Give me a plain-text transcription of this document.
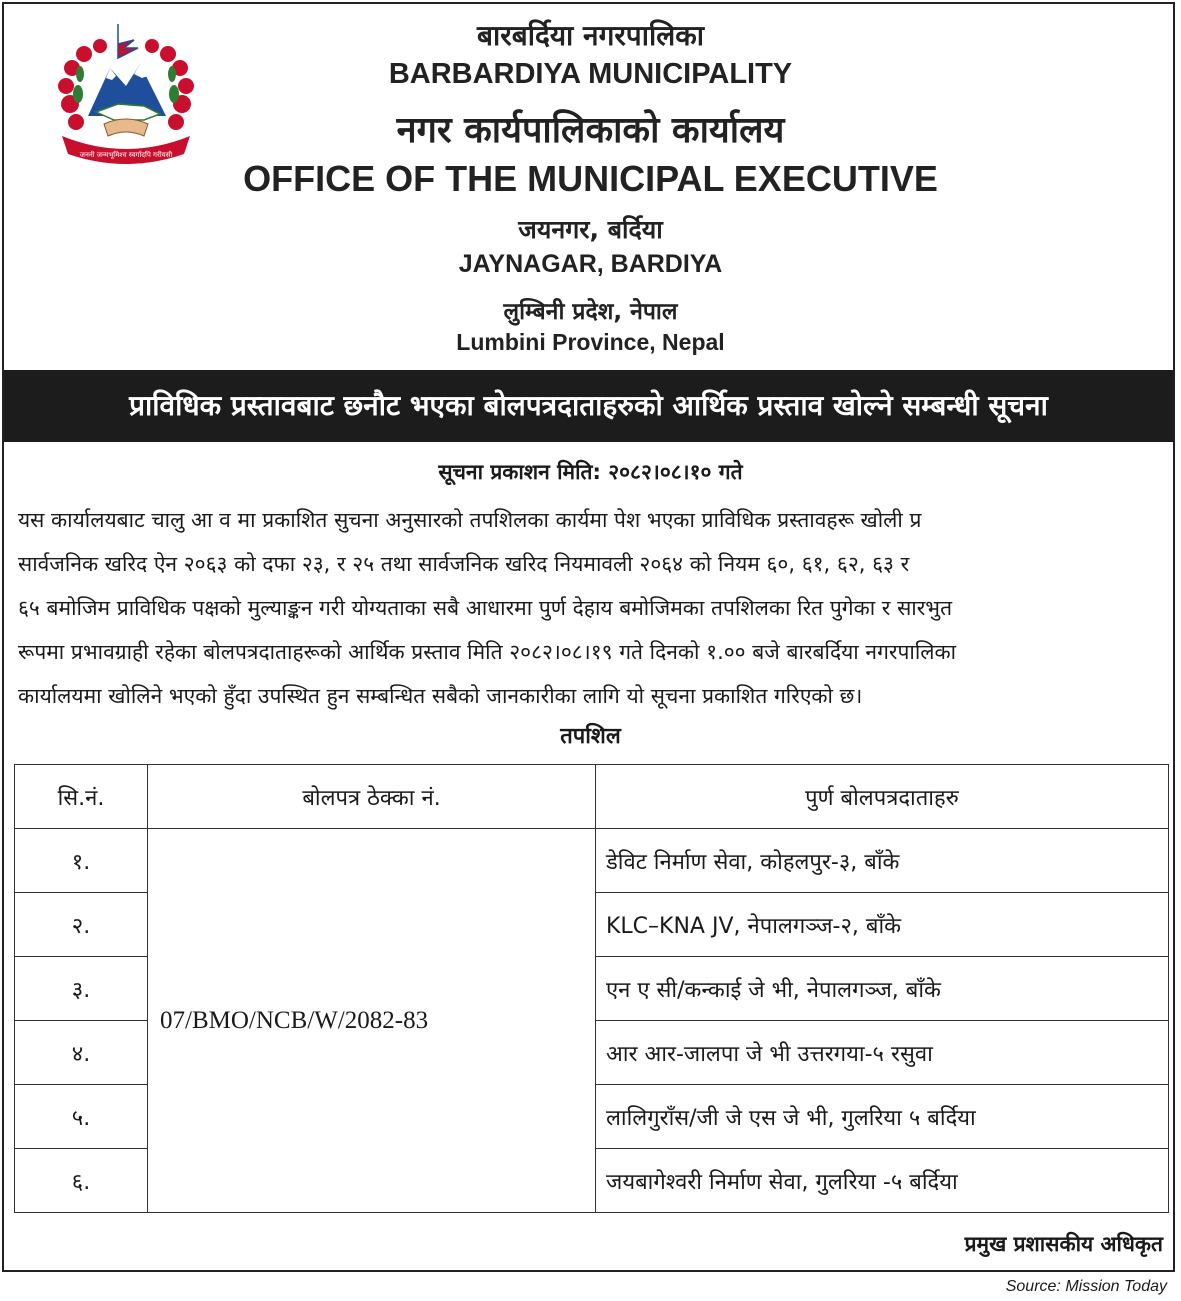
जननी जन्मभूमिश्च स्वर्गादपि गरीयसी
बारबर्दिया नगरपालिका
BARBARDIYA MUNICIPALITY
नगर कार्यपालिकाको कार्यालय
OFFICE OF THE MUNICIPAL EXECUTIVE
जयनगर, बर्दिया
JAYNAGAR, BARDIYA
लुम्बिनी प्रदेश, नेपाल
Lumbini Province, Nepal
प्राविधिक प्रस्तावबाट छनौट भएका बोलपत्रदाताहरुको आर्थिक प्रस्ताव खोल्ने सम्बन्धी सूचना
सूचना प्रकाशन मिति: २०८२।०८।१० गते
यस कार्यालयबाट चालु आ व मा प्रकाशित सुचना अनुसारको तपशिलका कार्यमा पेश भएका प्राविधिक प्रस्तावहरू खोली प्र
सार्वजनिक खरिद ऐन २०६३ को दफा २३, र २५ तथा सार्वजनिक खरिद नियमावली २०६४ को नियम ६०, ६१, ६२, ६३ र
६५ बमोजिम प्राविधिक पक्षको मुल्याङ्कन गरी योग्यताका सबै आधारमा पुर्ण देहाय बमोजिमका तपशिलका रित पुगेका र सारभुत
रूपमा प्रभावग्राही रहेका बोलपत्रदाताहरूको आर्थिक प्रस्ताव मिति २०८२।०८।१९ गते दिनको १.०० बजे बारबर्दिया नगरपालिका
कार्यालयमा खोलिने भएको हुँदा उपस्थित हुन सम्बन्धित सबैको जानकारीका लागि यो सूचना प्रकाशित गरिएको छ।
तपशिल
सि.नं.	बोलपत्र ठेक्का नं.	पुर्ण बोलपत्रदाताहरु
१.	07/BMO/NCB/W/2082-83	डेविट निर्माण सेवा, कोहलपुर-३, बाँके
२.		KLC–KNA JV, नेपालगञ्ज-२, बाँके
३.		एन ए सी/कन्काई जे भी, नेपालगञ्ज, बाँके
४.		आर आर-जालपा जे भी उत्तरगया-५ रसुवा
५.		लालिगुराँस/जी जे एस जे भी, गुलरिया ५ बर्दिया
६.		जयबागेश्वरी निर्माण सेवा, गुलरिया -५ बर्दिया
प्रमुख प्रशासकीय अधिकृत
Source: Mission Today
